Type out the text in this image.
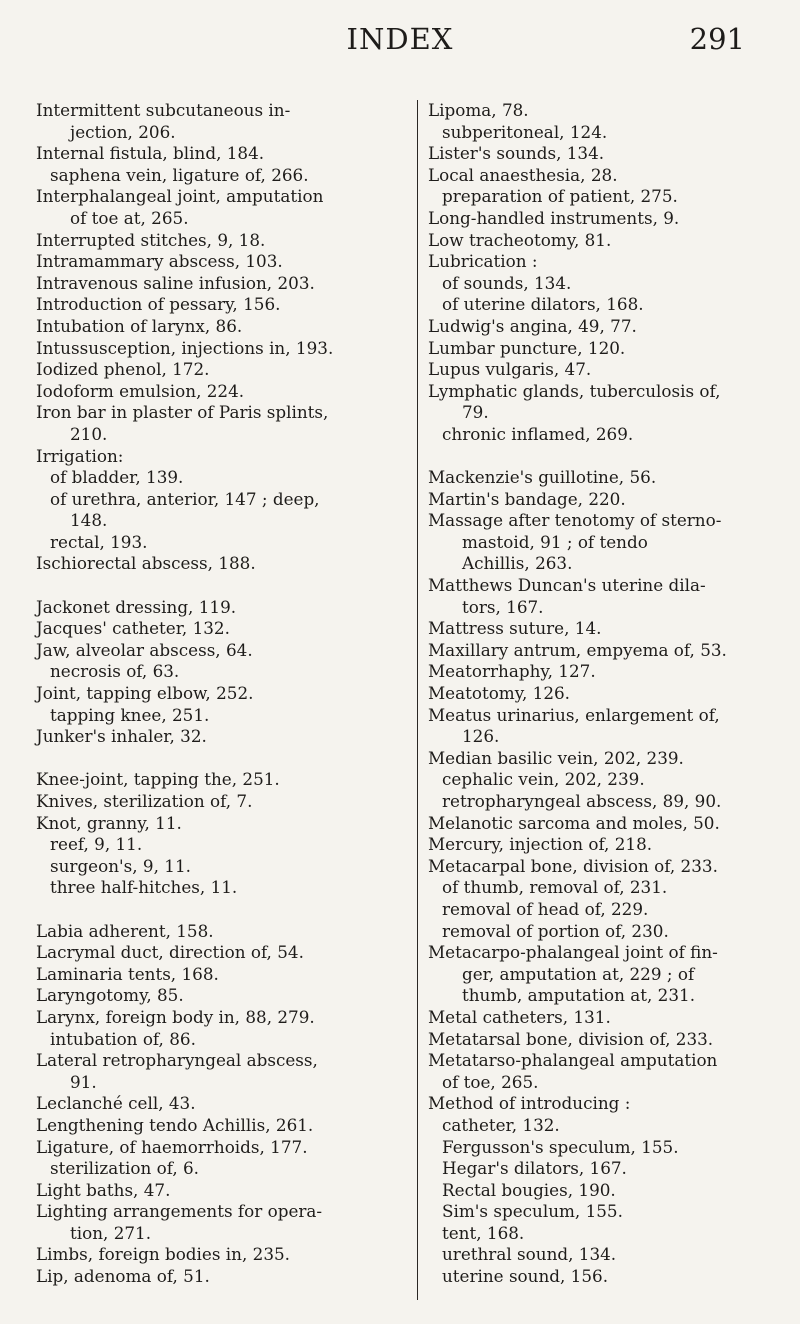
INDEX	291
Intermittent subcutaneous in-
jection, 206.
Internal fistula, blind, 184.
saphena vein, ligature of, 266.
Interphalangeal joint, amputation
of toe at, 265.
Interrupted stitches, 9, 18.
Intramammary abscess, 103.
Intravenous saline infusion, 203.
Introduction of pessary, 156.
Intubation of larynx, 86.
Intussusception, injections in, 193.
Iodized phenol, 172.
Iodoform emulsion, 224.
Iron bar in plaster of Paris splints,
210.
Irrigation:
of bladder, 139.
of urethra, anterior, 147 ; deep,
148.
rectal, 193.
Ischiorectal abscess, 188.
Jackonet dressing, 119.
Jacques' catheter, 132.
Jaw, alveolar abscess, 64.
necrosis of, 63.
Joint, tapping elbow, 252.
tapping knee, 251.
Junker's inhaler, 32.
Knee-joint, tapping the, 251.
Knives, sterilization of, 7.
Knot, granny, 11.
reef, 9, 11.
surgeon's, 9, 11.
three half-hitches, 11.
Labia adherent, 158.
Lacrymal duct, direction of, 54.
Laminaria tents, 168.
Laryngotomy, 85.
Larynx, foreign body in, 88, 279.
intubation of, 86.
Lateral retropharyngeal abscess,
91.
Leclanché cell, 43.
Lengthening tendo Achillis, 261.
Ligature, of haemorrhoids, 177.
sterilization of, 6.
Light baths, 47.
Lighting arrangements for opera-
tion, 271.
Limbs, foreign bodies in, 235.
Lip, adenoma of, 51.
Lipoma, 78.
subperitoneal, 124.
Lister's sounds, 134.
Local anaesthesia, 28.
preparation of patient, 275.
Long-handled instruments, 9.
Low tracheotomy, 81.
Lubrication :
of sounds, 134.
of uterine dilators, 168.
Ludwig's angina, 49, 77.
Lumbar puncture, 120.
Lupus vulgaris, 47.
Lymphatic glands, tuberculosis of,
79.
chronic inflamed, 269.
Mackenzie's guillotine, 56.
Martin's bandage, 220.
Massage after tenotomy of sterno-
mastoid, 91 ; of tendo
Achillis, 263.
Matthews Duncan's uterine dila-
tors, 167.
Mattress suture, 14.
Maxillary antrum, empyema of, 53.
Meatorrhaphy, 127.
Meatotomy, 126.
Meatus urinarius, enlargement of,
126.
Median basilic vein, 202, 239.
cephalic vein, 202, 239.
retropharyngeal abscess, 89, 90.
Melanotic sarcoma and moles, 50.
Mercury, injection of, 218.
Metacarpal bone, division of, 233.
of thumb, removal of, 231.
removal of head of, 229.
removal of portion of, 230.
Metacarpo-phalangeal joint of fin-
ger, amputation at, 229 ; of
thumb, amputation at, 231.
Metal catheters, 131.
Metatarsal bone, division of, 233.
Metatarso-phalangeal amputation
of toe, 265.
Method of introducing :
catheter, 132.
Fergusson's speculum, 155.
Hegar's dilators, 167.
Rectal bougies, 190.
Sim's speculum, 155.
tent, 168.
urethral sound, 134.
uterine sound, 156.
